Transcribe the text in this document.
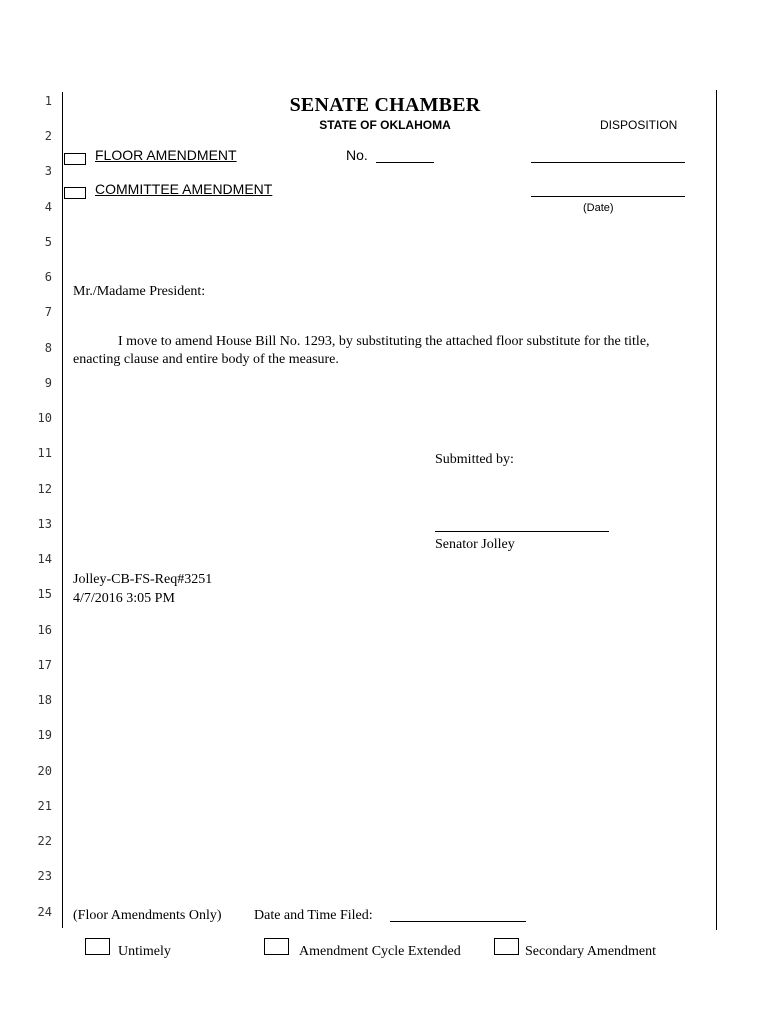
1
2
3
4
5
6
7
8
9
10
11
12
13
14
15
16
17
18
19
20
21
22
23
24
SENATE CHAMBER
STATE OF OKLAHOMA	DISPOSITION
FLOOR AMENDMENT
COMMITTEE AMENDMENT
No.
(Date)
Mr./Madame President:
I move to amend House Bill No. 1293, by substituting the attached floor substitute for the title,
enacting clause and entire body of the measure.
Submitted by:
Senator Jolley
Jolley-CB-FS-Req#3251
4/7/2016 3:05 PM
(Floor Amendments Only) Date and Time Filed:
Untimely	Amendment Cycle Extended	Secondary Amendment
